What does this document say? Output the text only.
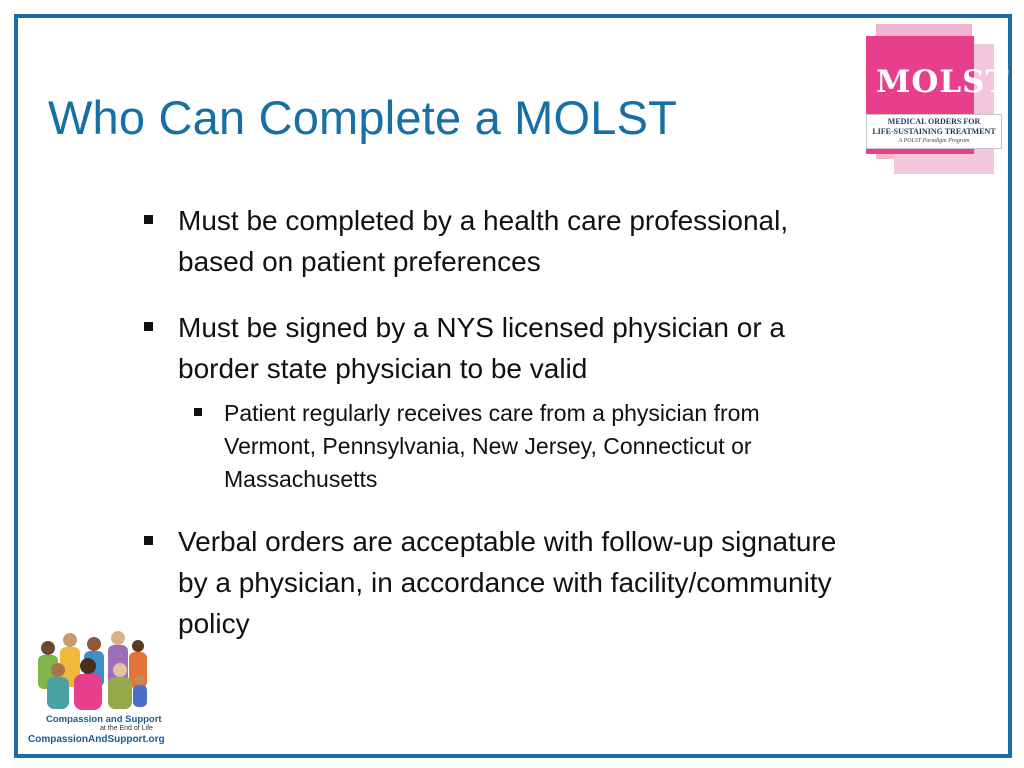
Who Can Complete a MOLST
MOLST
MEDICAL ORDERS FOR
LIFE-SUSTAINING TREATMENT
A POLST Paradigm Program
Must be completed by a health care professional, based on patient preferences
Must be signed by a NYS licensed physician or a border state physician to be valid
Patient regularly receives care from a physician from Vermont, Pennsylvania, New Jersey, Connecticut or Massachusetts
Verbal orders are acceptable with follow-up signature by a physician, in accordance with facility/community policy
Compassion and Support
at the End of Life
CompassionAndSupport.org
